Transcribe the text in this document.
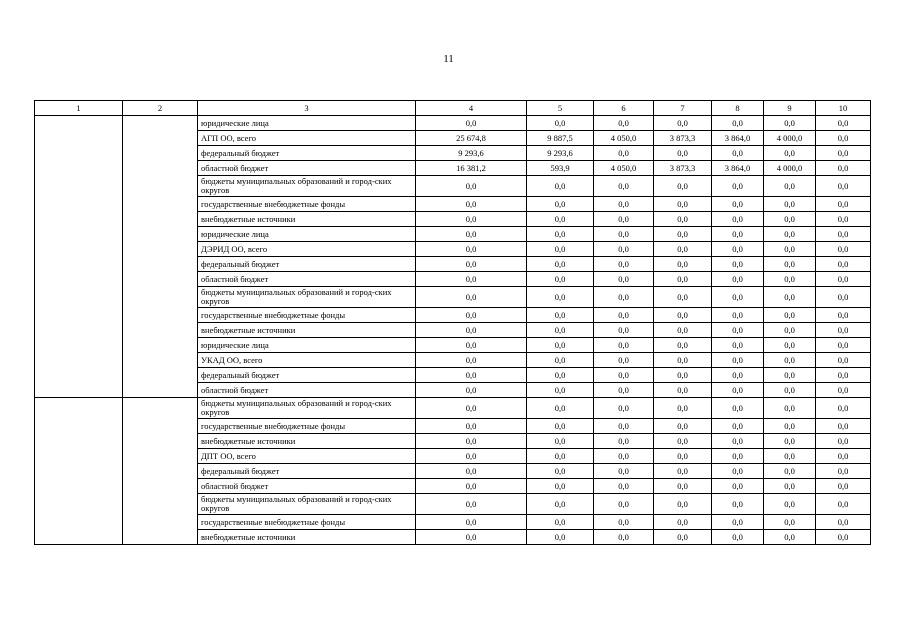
11
1	2	3	4	5	6	7	8	9	10
		юридические лица	0,0	0,0	0,0	0,0	0,0	0,0	0,0
		АГП ОО, всего	25 674,8	9 887,5	4 050,0	3 873,3	3 864,0	4 000,0	0,0
		федеральный бюджет	9 293,6	9 293,6	0,0	0,0	0,0	0,0	0,0
		областной бюджет	16 381,2	593,9	4 050,0	3 873,3	3 864,0	4 000,0	0,0
		бюджеты муниципальных образований и город-ских округов	0,0	0,0	0,0	0,0	0,0	0,0	0,0
		государственные внебюджетные фонды	0,0	0,0	0,0	0,0	0,0	0,0	0,0
		внебюджетные источники	0,0	0,0	0,0	0,0	0,0	0,0	0,0
		юридические лица	0,0	0,0	0,0	0,0	0,0	0,0	0,0
		ДЭРИД ОО, всего	0,0	0,0	0,0	0,0	0,0	0,0	0,0
		федеральный бюджет	0,0	0,0	0,0	0,0	0,0	0,0	0,0
		областной бюджет	0,0	0,0	0,0	0,0	0,0	0,0	0,0
		бюджеты муниципальных образований и город-ских округов	0,0	0,0	0,0	0,0	0,0	0,0	0,0
		государственные внебюджетные фонды	0,0	0,0	0,0	0,0	0,0	0,0	0,0
		внебюджетные источники	0,0	0,0	0,0	0,0	0,0	0,0	0,0
		юридические лица	0,0	0,0	0,0	0,0	0,0	0,0	0,0
		УКАД ОО, всего	0,0	0,0	0,0	0,0	0,0	0,0	0,0
		федеральный бюджет	0,0	0,0	0,0	0,0	0,0	0,0	0,0
		областной бюджет	0,0	0,0	0,0	0,0	0,0	0,0	0,0
		бюджеты муниципальных образований и город-ских округов	0,0	0,0	0,0	0,0	0,0	0,0	0,0
		государственные внебюджетные фонды	0,0	0,0	0,0	0,0	0,0	0,0	0,0
		внебюджетные источники	0,0	0,0	0,0	0,0	0,0	0,0	0,0
		ДПТ ОО, всего	0,0	0,0	0,0	0,0	0,0	0,0	0,0
		федеральный бюджет	0,0	0,0	0,0	0,0	0,0	0,0	0,0
		областной бюджет	0,0	0,0	0,0	0,0	0,0	0,0	0,0
		бюджеты муниципальных образований и город-ских округов	0,0	0,0	0,0	0,0	0,0	0,0	0,0
		государственные внебюджетные фонды	0,0	0,0	0,0	0,0	0,0	0,0	0,0
		внебюджетные источники	0,0	0,0	0,0	0,0	0,0	0,0	0,0
